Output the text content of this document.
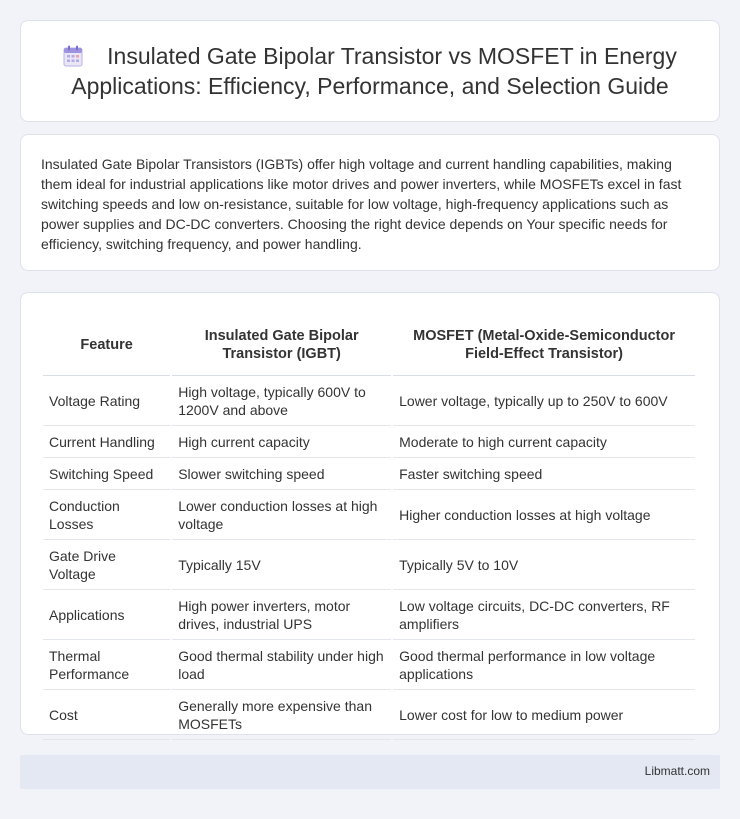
Insulated Gate Bipolar Transistor vs MOSFET in Energy Applications: Efficiency, Performance, and Selection Guide

Insulated Gate Bipolar Transistors (IGBTs) offer high voltage and current handling capabilities, making them ideal for industrial applications like motor drives and power inverters, while MOSFETs excel in fast switching speeds and low on-resistance, suitable for low voltage, high-frequency applications such as power supplies and DC-DC converters. Choosing the right device depends on Your specific needs for efficiency, switching frequency, and power handling.

Feature	Insulated Gate Bipolar Transistor (IGBT)	MOSFET (Metal-Oxide-Semiconductor Field-Effect Transistor)
Voltage Rating	High voltage, typically 600V to 1200V and above	Lower voltage, typically up to 250V to 600V
Current Handling	High current capacity	Moderate to high current capacity
Switching Speed	Slower switching speed	Faster switching speed
Conduction Losses	Lower conduction losses at high voltage	Higher conduction losses at high voltage
Gate Drive Voltage	Typically 15V	Typically 5V to 10V
Applications	High power inverters, motor drives, industrial UPS	Low voltage circuits, DC-DC converters, RF amplifiers
Thermal Performance	Good thermal stability under high load	Good thermal performance in low voltage applications
Cost	Generally more expensive than MOSFETs	Lower cost for low to medium power
Libmatt.com
